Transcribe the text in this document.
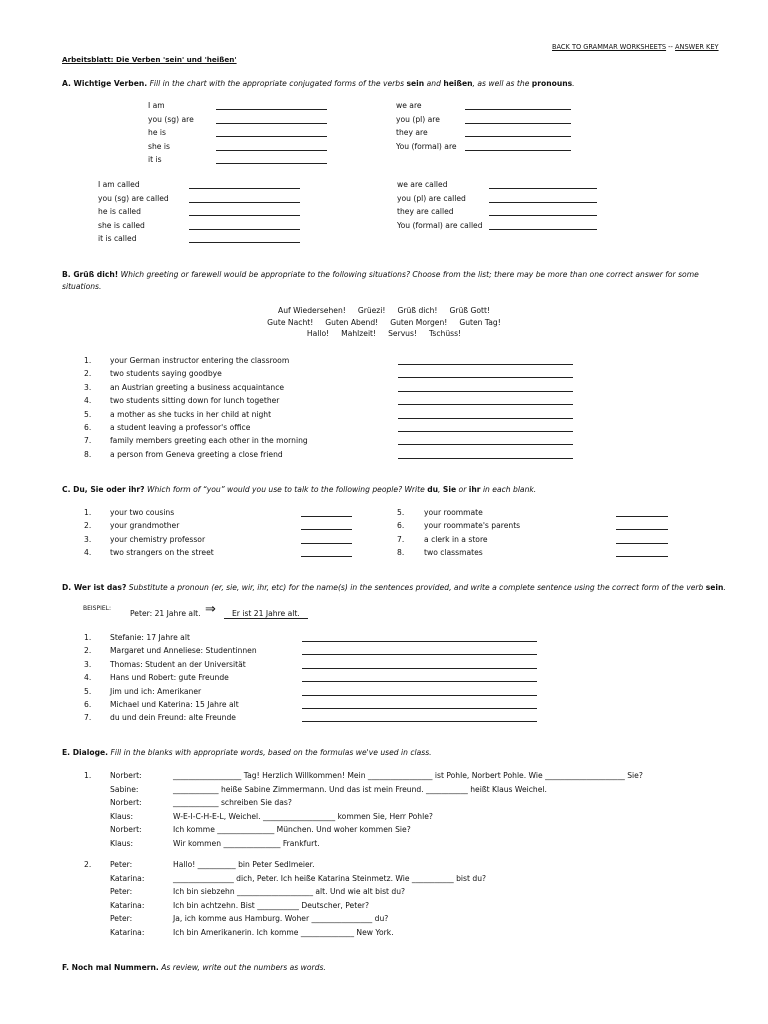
BACK TO GRAMMAR WORKSHEETS -- ANSWER KEY
Arbeitsblatt: Die Verben 'sein' und 'heißen'
A. Wichtige Verben. Fill in the chart with the appropriate conjugated forms of the verbs sein and heißen, as well as the pronouns.
I am
you (sg) are
he is
she is
it is
we are
you (pl) are
they are
You (formal) are
I am called
you (sg) are called
he is called
she is called
it is called
we are called
you (pl) are called
they are called
You (formal) are called
B. Grüß dich! Which greeting or farewell would be appropriate to the following situations? Choose from the list; there may be more than one correct answer for some situations.
Auf Wiedersehen! Grüezi! Grüß dich! Grüß Gott!
Gute Nacht! Guten Abend! Guten Morgen! Guten Tag!
Hallo! Mahlzeit! Servus! Tschüss!
1. your German instructor entering the classroom
2. two students saying goodbye
3. an Austrian greeting a business acquaintance
4. two students sitting down for lunch together
5. a mother as she tucks in her child at night
6. a student leaving a professor's office
7. family members greeting each other in the morning
8. a person from Geneva greeting a close friend
C. Du, Sie oder ihr? Which form of “you” would you use to talk to the following people? Write du, Sie or ihr in each blank.
1. your two cousins
2. your grandmother
3. your chemistry professor
4. two strangers on the street
5.	your roommate
6.	your roommate's parents
7.	a clerk in a store
8.	two classmates
D. Wer ist das? Substitute a pronoun (er, sie, wir, ihr, etc) for the name(s) in the sentences provided, and write a complete sentence using the correct form of the verb sein.
BEISPIEL:
Peter: 21 Jahre alt. ⇒	Er ist 21 Jahre alt.
1. Stefanie: 17 Jahre alt
2. Margaret und Anneliese: Studentinnen
3. Thomas: Student an der Universität
4. Hans und Robert: gute Freunde
5. Jim und ich: Amerikaner
6. Michael und Katerina: 15 Jahre alt
7. du und dein Freund: alte Freunde
E. Dialoge. Fill in the blanks with appropriate words, based on the formulas we've used in class.
1.
2.
Norbert:	__________________ Tag! Herzlich Willkommen! Mein _________________ ist Pohle, Norbert Pohle. Wie _____________________ Sie?
Sabine:	____________ heiße Sabine Zimmermann. Und das ist mein Freund. ___________ heißt Klaus Weichel.
Norbert:	____________ schreiben Sie das?
Klaus:	W-E-I-C-H-E-L, Weichel. ___________________ kommen Sie, Herr Pohle?
Norbert:	Ich komme _______________ München. Und woher kommen Sie?
Klaus:	Wir kommen _______________ Frankfurt.
Peter:	Hallo! __________ bin Peter Sedlmeier.
Katarina:	________________ dich, Peter. Ich heiße Katarina Steinmetz. Wie ___________ bist du?
Peter:	Ich bin siebzehn ____________________ alt. Und wie alt bist du?
Katarina:	Ich bin achtzehn. Bist ___________ Deutscher, Peter?
Peter:	Ja, ich komme aus Hamburg. Woher ________________ du?
Katarina:	Ich bin Amerikanerin. Ich komme ______________ New York.
F. Noch mal Nummern. As review, write out the numbers as words.
